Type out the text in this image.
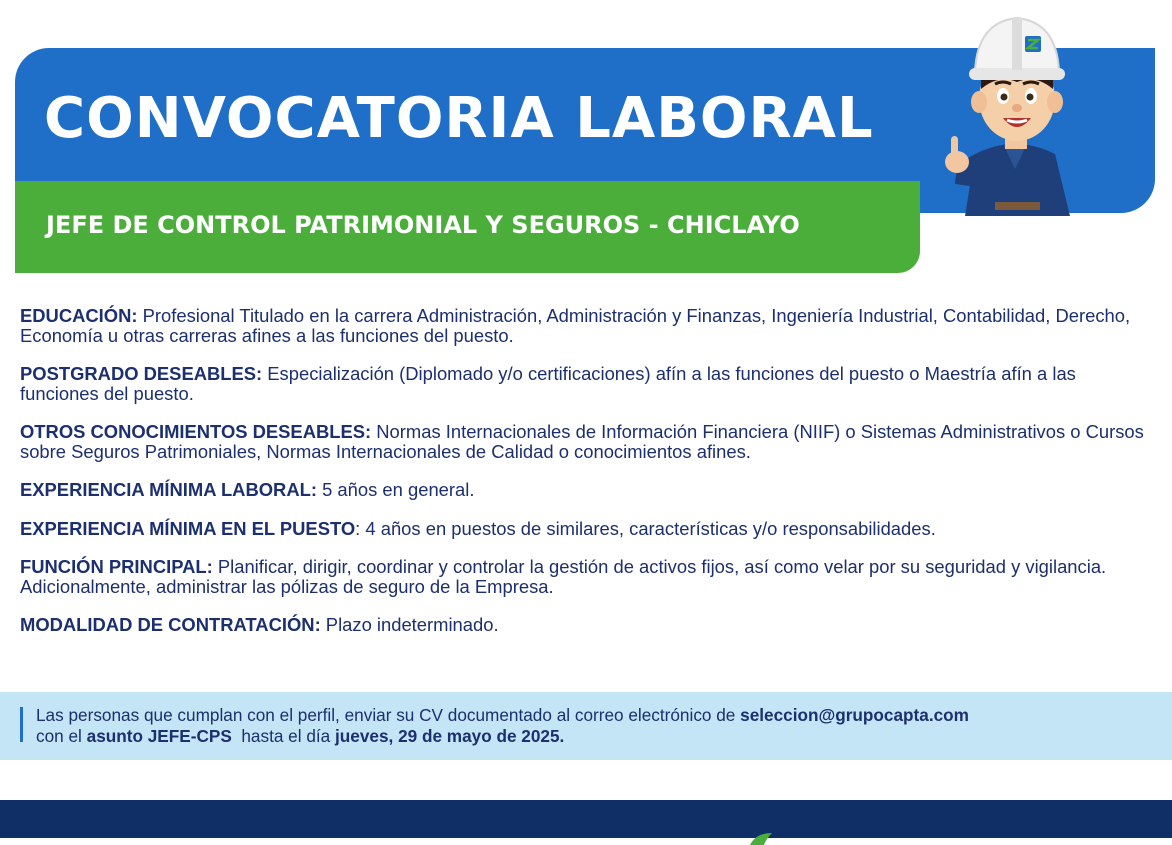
CONVOCATORIA LABORAL
JEFE DE CONTROL PATRIMONIAL Y SEGUROS - CHICLAYO
EDUCACIÓN: Profesional Titulado en la carrera Administración, Administración y Finanzas, Ingeniería Industrial, Contabilidad, Derecho, Economía u otras carreras afines a las funciones del puesto.
POSTGRADO DESEABLES: Especialización (Diplomado y/o certificaciones) afín a las funciones del puesto o Maestría afín a las funciones del puesto.
OTROS CONOCIMIENTOS DESEABLES: Normas Internacionales de Información Financiera (NIIF) o Sistemas Administrativos o Cursos sobre Seguros Patrimoniales, Normas Internacionales de Calidad o conocimientos afines.
EXPERIENCIA MÍNIMA LABORAL: 5 años en general.
EXPERIENCIA MÍNIMA EN EL PUESTO: 4 años en puestos de similares, características y/o responsabilidades.
FUNCIÓN PRINCIPAL: Planificar, dirigir, coordinar y controlar la gestión de activos fijos, así como velar por su seguridad y vigilancia. Adicionalmente, administrar las pólizas de seguro de la Empresa.
MODALIDAD DE CONTRATACIÓN: Plazo indeterminado.
Las personas que cumplan con el perfil, enviar su CV documentado al correo electrónico de seleccion@grupocapta.com
con el asunto JEFE-CPS  hasta el día jueves, 29 de mayo de 2025.
